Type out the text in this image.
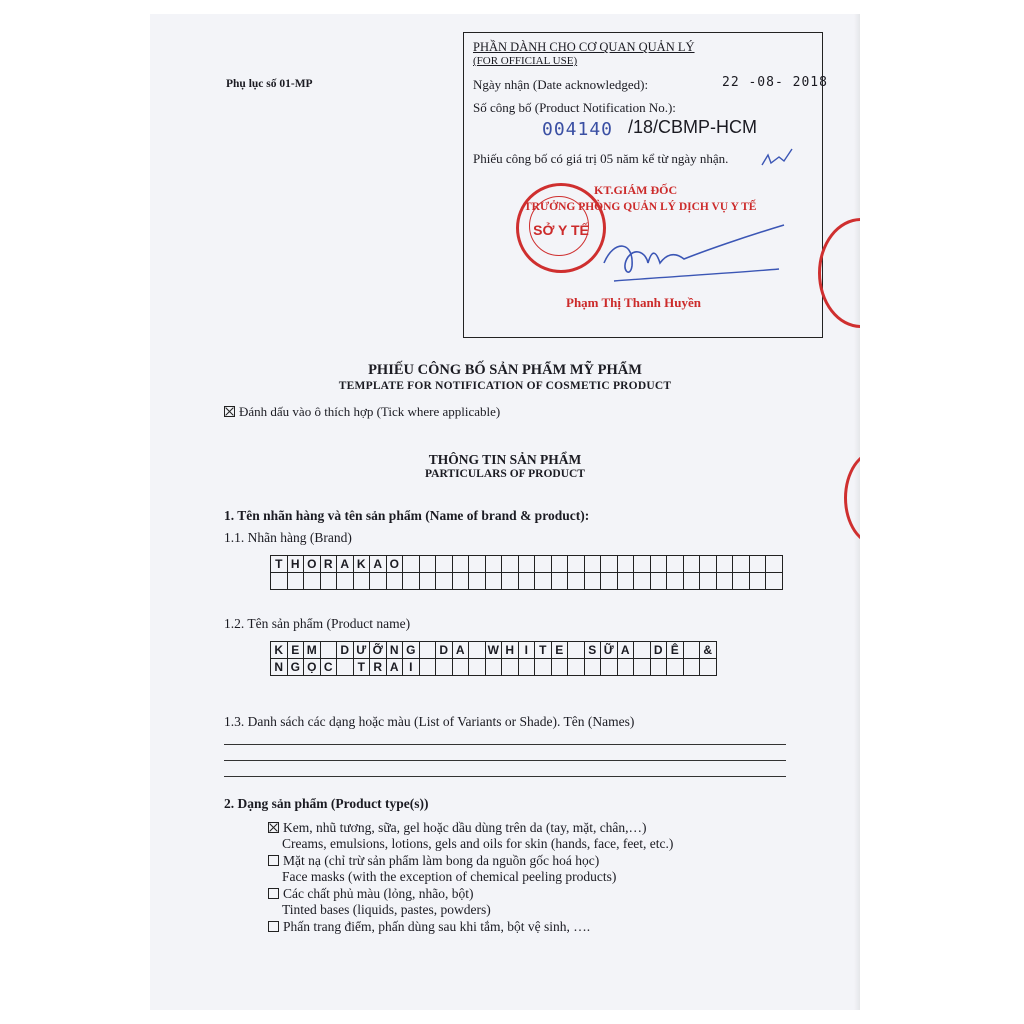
Phụ lục số 01-MP
PHẦN DÀNH CHO CƠ QUAN QUẢN LÝ
(FOR OFFICIAL USE)
Ngày nhận (Date acknowledged):	22 -08- 2018
Số công bố (Product Notification No.):
004140 /18/CBMP-HCM
Phiếu công bố có giá trị 05 năm kể từ ngày nhận.
KT.GIÁM ĐỐC
TRƯỞNG PHÒNG QUẢN LÝ DỊCH VỤ Y TẾ
SỞ Y TẾ
Phạm Thị Thanh Huyền
PHIẾU CÔNG BỐ SẢN PHẨM MỸ PHẨM
TEMPLATE FOR NOTIFICATION OF COSMETIC PRODUCT
Đánh dấu vào ô thích hợp (Tick where applicable)
THÔNG TIN SẢN PHẨM
PARTICULARS OF PRODUCT
1. Tên nhãn hàng và tên sản phẩm (Name of brand & product):
1.1. Nhãn hàng (Brand)
T	H	O	R	A	K	A	O																							

1.2. Tên sản phẩm (Product name)
K	E	M		D	Ư	Ỡ	N	G		D	A		W	H	I	T	E		S	Ữ	A		D	Ê		&
N	G	Ọ	C		T	R	A	I																		
1.3. Danh sách các dạng hoặc màu (List of Variants or Shade). Tên (Names)
2. Dạng sản phẩm (Product type(s))
Kem, nhũ tương, sữa, gel hoặc dầu dùng trên da (tay, mặt, chân,…)
Creams, emulsions, lotions, gels and oils for skin (hands, face, feet, etc.)
Mặt nạ (chỉ trừ sản phẩm làm bong da nguồn gốc hoá học)
Face masks (with the exception of chemical peeling products)
Các chất phủ màu (lỏng, nhão, bột)
Tinted bases (liquids, pastes, powders)
Phấn trang điểm, phấn dùng sau khi tắm, bột vệ sinh, ….
